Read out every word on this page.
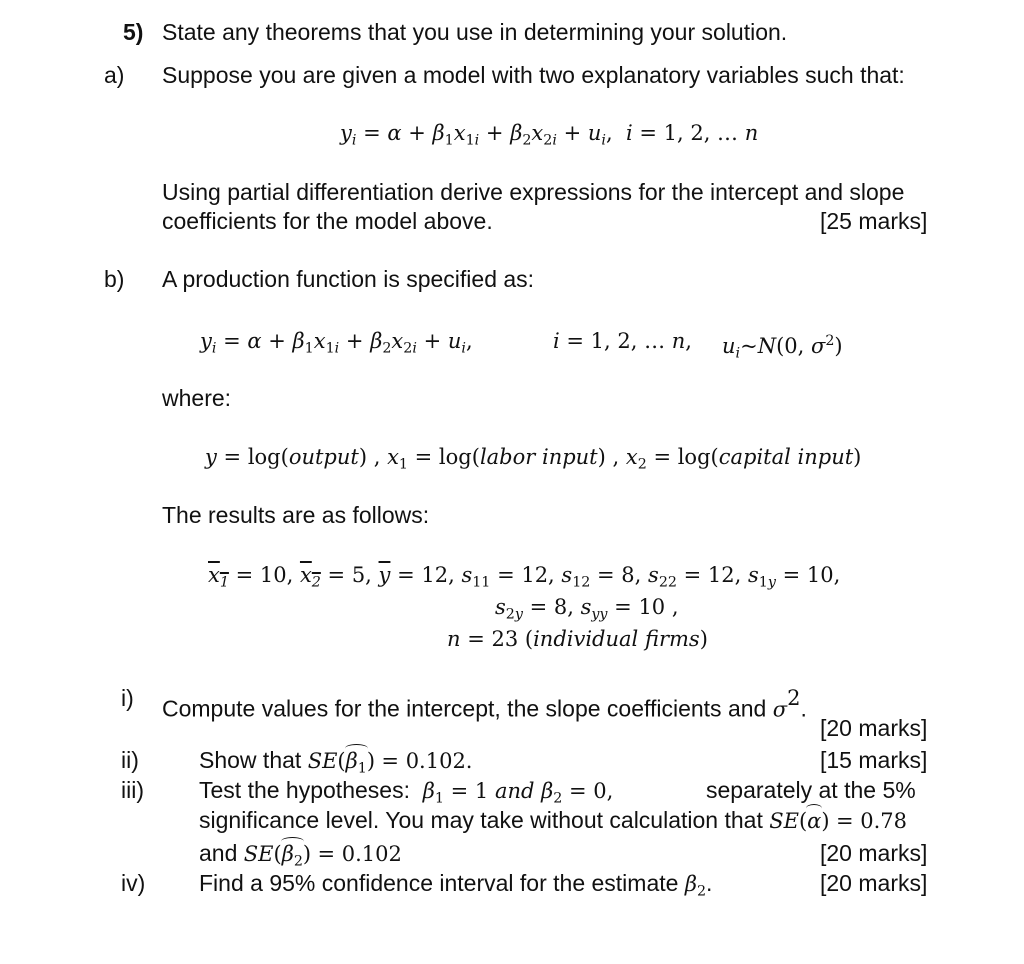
5) State any theorems that you use in determining your solution.
a) Suppose you are given a model with two explanatory variables such that:
$y_i = \alpha + \beta_1x_{1i} + \beta_2x_{2i} + u_i$,  i = 1, 2, … n
Using partial differentiation derive expressions for the intercept and slope
coefficients for the model above.	[25 marks]
b) A production function is specified as:
$y_i = \alpha + \beta_1x_{1i} + \beta_2x_{2i} + u_i$,	i = 1, 2, … n, $u_i\sim N(0$, $\sigma^2$)
where:
y = log(output) , $x_1$ = log(labor input) , $x_2$ = log(capital input)
The results are as follows:
$x_1 = 10$, $x_2 = 5$, $\overline{y} = 12$, $s_{11} = 12$, $s_{12} = 8$, $s_{22} = 12$, $s_{1y} = 10$,
$s_{2y} = 8$, $s_{yy} = 10$ ,
n = 23 (individual firms)
i) Compute values for the intercept, the slope coefficients and $\sigma^2$.
[20 marks]
ii)	Show that $SE(\beta_1) = 0.102$.	[15 marks]
iii) Test the hypotheses: $\beta_1 = 1$ and $\beta_2 = 0$,	separately at the 5%
significance level. You may take without calculation that SE(α) = 0.78
and $SE(\beta_2) = 0.102$	[20 marks]
iv) Find a 95% confidence interval for the estimate $\beta_2$.	[20 marks]
